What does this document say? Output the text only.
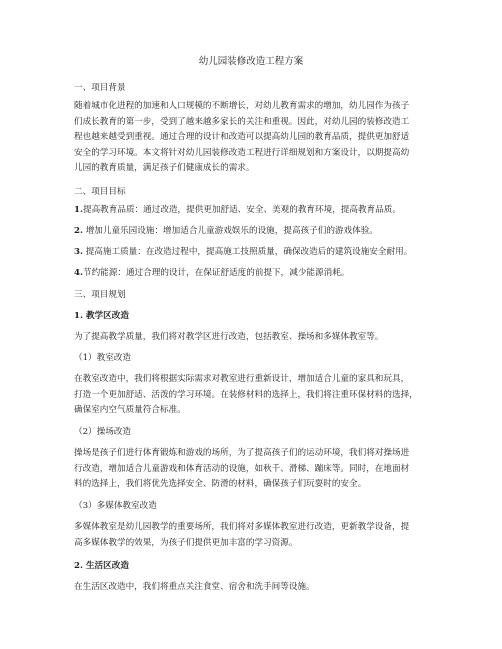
幼儿园装修改造工程方案
一、项目背景
随着城市化进程的加速和人口规模的不断增长，对幼儿教育需求的增加，幼儿园作为孩子
们成长教育的第一步，受到了越来越多家长的关注和重视。因此，对幼儿园的装修改造工
程也越来越受到重视。通过合理的设计和改造可以提高幼儿园的教育品质，提供更加舒适
安全的学习环境。本文将针对幼儿园装修改造工程进行详细规划和方案设计，以期提高幼
儿园的教育质量，满足孩子们健康成长的需求。
二、项目目标
1.提高教育品质：通过改造，提供更加舒适、安全、美观的教育环境，提高教育品质。
2. 增加儿童乐园设施：增加适合儿童游戏娱乐的设施，提高孩子们的游戏体验。
3. 提高施工质量：在改造过程中，提高施工技照质量，确保改造后的建筑设施安全耐用。
4.节约能源：通过合理的设计，在保证舒适度的前提下，减少能源消耗。
三、项目规划
1. 教学区改造
为了提高教学质量，我们将对教学区进行改造，包括教室、操场和多媒体教室等。
（1）教室改造
在教室改造中，我们将根据实际需求对教室进行重新设计，增加适合儿童的家具和玩具，
打造一个更加舒适、活泼的学习环境。在装修材料的选择上，我们将注重环保材料的选择，
确保室内空气质量符合标准。
（2）操场改造
操场是孩子们进行体育锻炼和游戏的场所，为了提高孩子们的运动环境，我们将对操场进
行改造，增加适合儿童游戏和体育活动的设施，如秋千、滑梯、蹦床等。同时，在地面材
料的选择上，我们将优先选择安全、防滑的材料，确保孩子们玩耍时的安全。
（3）多媒体教室改造
多媒体教室是幼儿园教学的重要场所，我们将对多媒体教室进行改造，更新教学设备，提
高多媒体教学的效果，为孩子们提供更加丰富的学习资源。
2. 生活区改造
在生活区改造中，我们将重点关注食堂、宿舍和洗手间等设施。
